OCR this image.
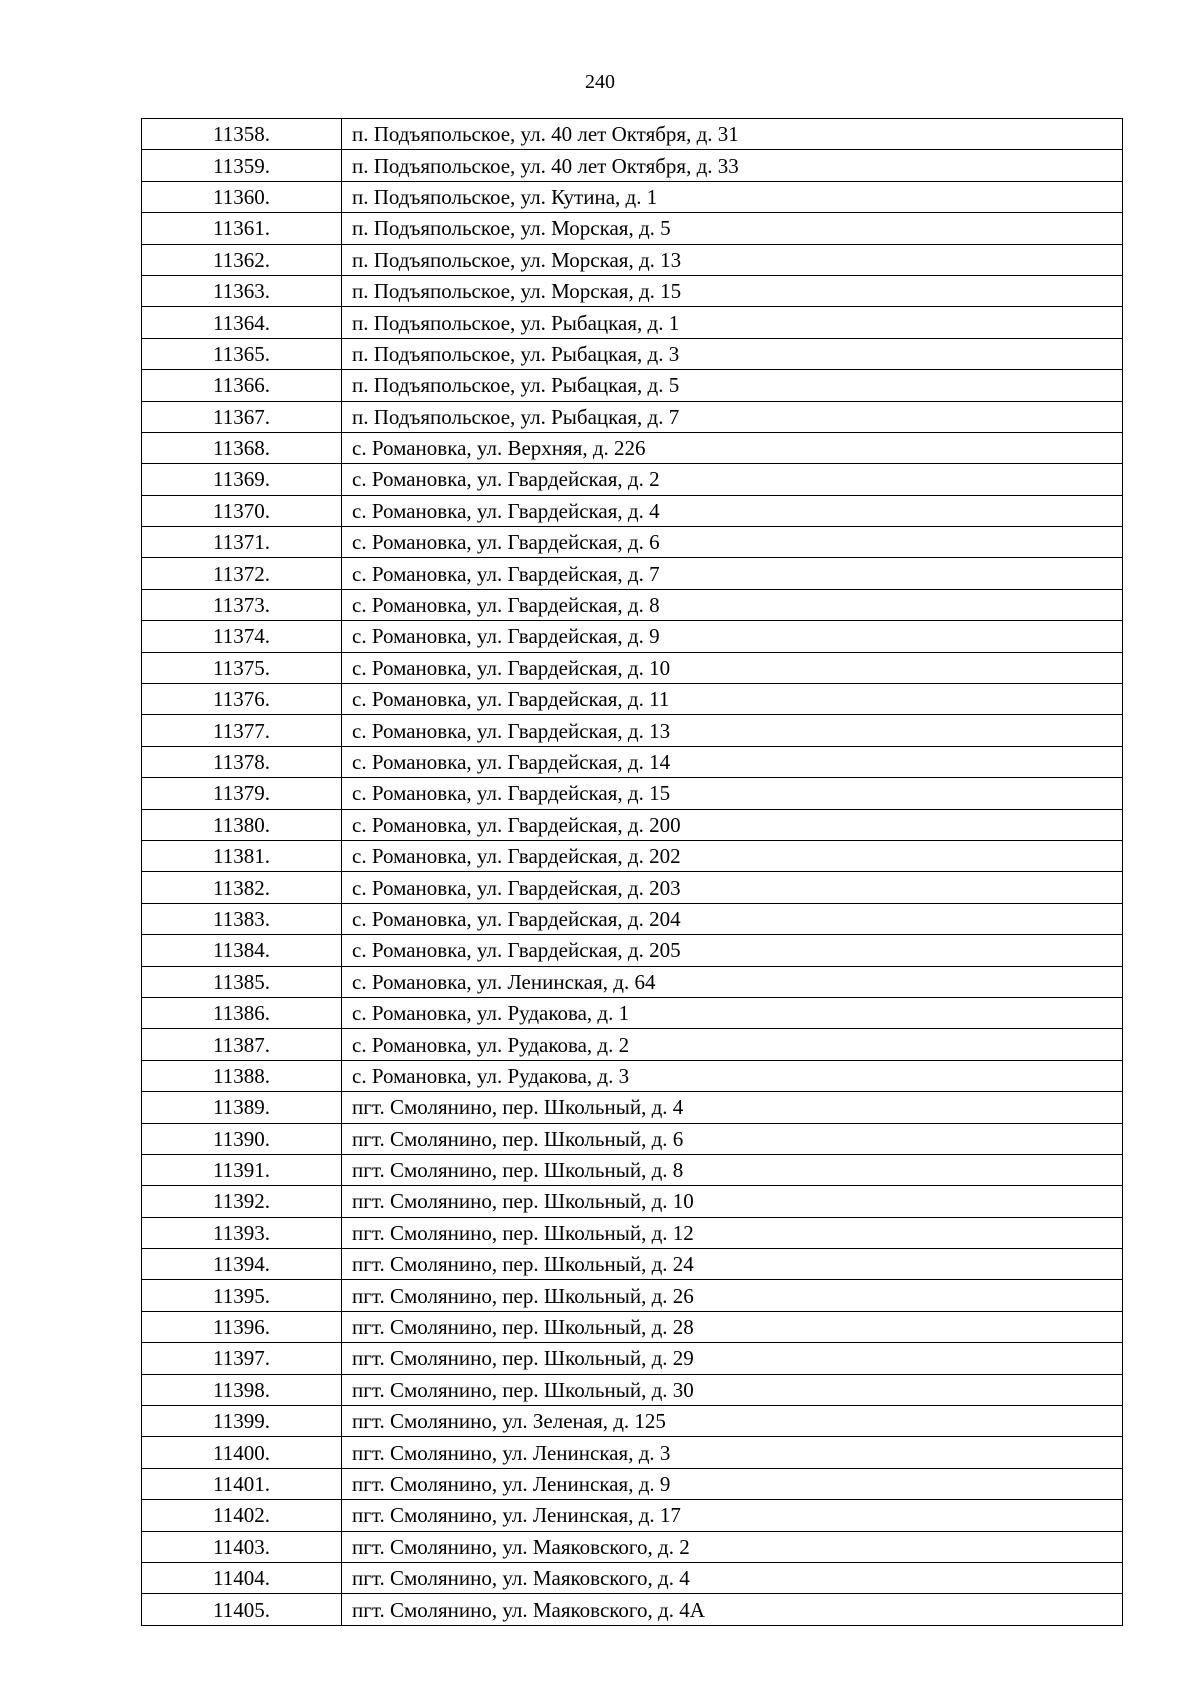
240
11358.	п. Подъяпольское, ул. 40 лет Октября, д. 31
11359.	п. Подъяпольское, ул. 40 лет Октября, д. 33
11360.	п. Подъяпольское, ул. Кутина, д. 1
11361.	п. Подъяпольское, ул. Морская, д. 5
11362.	п. Подъяпольское, ул. Морская, д. 13
11363.	п. Подъяпольское, ул. Морская, д. 15
11364.	п. Подъяпольское, ул. Рыбацкая, д. 1
11365.	п. Подъяпольское, ул. Рыбацкая, д. 3
11366.	п. Подъяпольское, ул. Рыбацкая, д. 5
11367.	п. Подъяпольское, ул. Рыбацкая, д. 7
11368.	с. Романовка, ул. Верхняя, д. 226
11369.	с. Романовка, ул. Гвардейская, д. 2
11370.	с. Романовка, ул. Гвардейская, д. 4
11371.	с. Романовка, ул. Гвардейская, д. 6
11372.	с. Романовка, ул. Гвардейская, д. 7
11373.	с. Романовка, ул. Гвардейская, д. 8
11374.	с. Романовка, ул. Гвардейская, д. 9
11375.	с. Романовка, ул. Гвардейская, д. 10
11376.	с. Романовка, ул. Гвардейская, д. 11
11377.	с. Романовка, ул. Гвардейская, д. 13
11378.	с. Романовка, ул. Гвардейская, д. 14
11379.	с. Романовка, ул. Гвардейская, д. 15
11380.	с. Романовка, ул. Гвардейская, д. 200
11381.	с. Романовка, ул. Гвардейская, д. 202
11382.	с. Романовка, ул. Гвардейская, д. 203
11383.	с. Романовка, ул. Гвардейская, д. 204
11384.	с. Романовка, ул. Гвардейская, д. 205
11385.	с. Романовка, ул. Ленинская, д. 64
11386.	с. Романовка, ул. Рудакова, д. 1
11387.	с. Романовка, ул. Рудакова, д. 2
11388.	с. Романовка, ул. Рудакова, д. 3
11389.	пгт. Смолянино, пер. Школьный, д. 4
11390.	пгт. Смолянино, пер. Школьный, д. 6
11391.	пгт. Смолянино, пер. Школьный, д. 8
11392.	пгт. Смолянино, пер. Школьный, д. 10
11393.	пгт. Смолянино, пер. Школьный, д. 12
11394.	пгт. Смолянино, пер. Школьный, д. 24
11395.	пгт. Смолянино, пер. Школьный, д. 26
11396.	пгт. Смолянино, пер. Школьный, д. 28
11397.	пгт. Смолянино, пер. Школьный, д. 29
11398.	пгт. Смолянино, пер. Школьный, д. 30
11399.	пгт. Смолянино, ул. Зеленая, д. 125
11400.	пгт. Смолянино, ул. Ленинская, д. 3
11401.	пгт. Смолянино, ул. Ленинская, д. 9
11402.	пгт. Смолянино, ул. Ленинская, д. 17
11403.	пгт. Смолянино, ул. Маяковского, д. 2
11404.	пгт. Смолянино, ул. Маяковского, д. 4
11405.	пгт. Смолянино, ул. Маяковского, д. 4А
